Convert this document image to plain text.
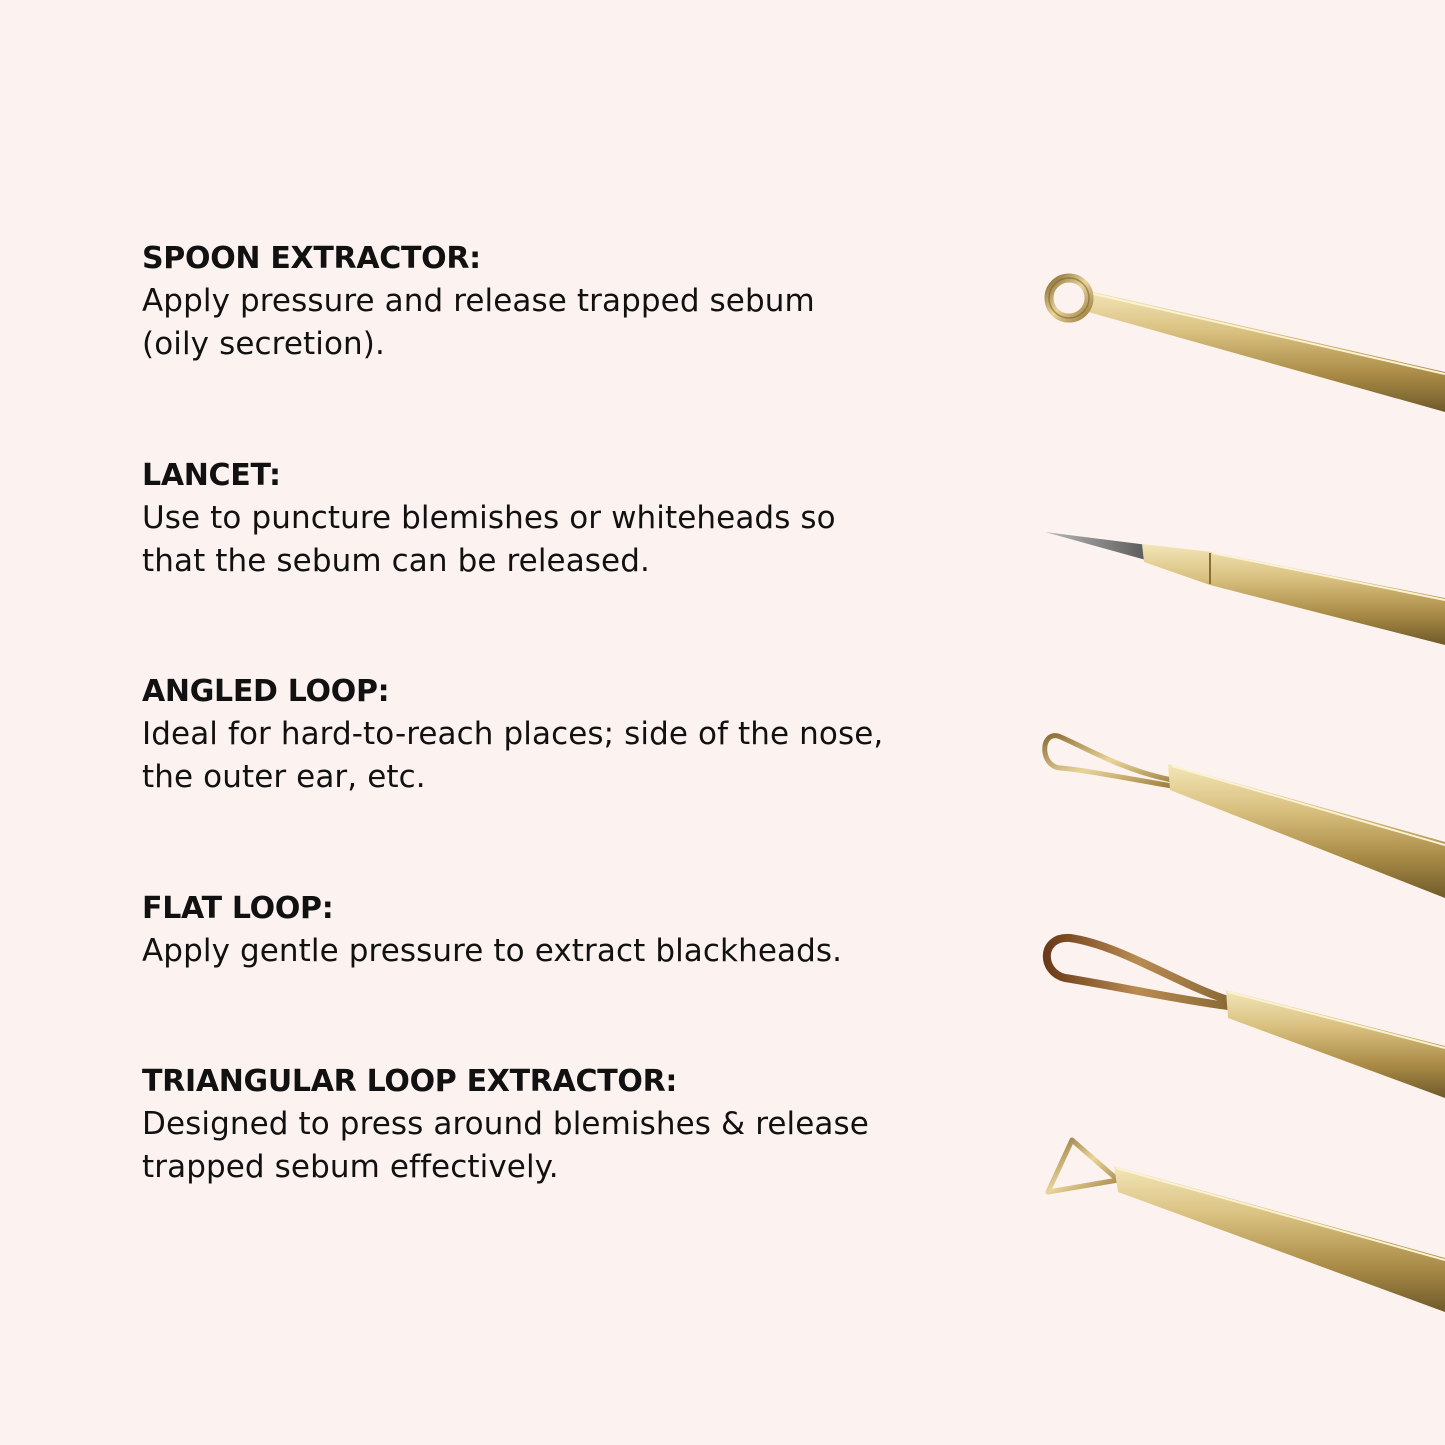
SPOON EXTRACTOR:
Apply pressure and release trapped sebum
(oily secretion).
LANCET:
Use to puncture blemishes or whiteheads so
that the sebum can be released.
ANGLED LOOP:
Ideal for hard-to-reach places; side of the nose,
the outer ear, etc.
FLAT LOOP:
Apply gentle pressure to extract blackheads.
TRIANGULAR LOOP EXTRACTOR:
Designed to press around blemishes & release
trapped sebum effectively.
